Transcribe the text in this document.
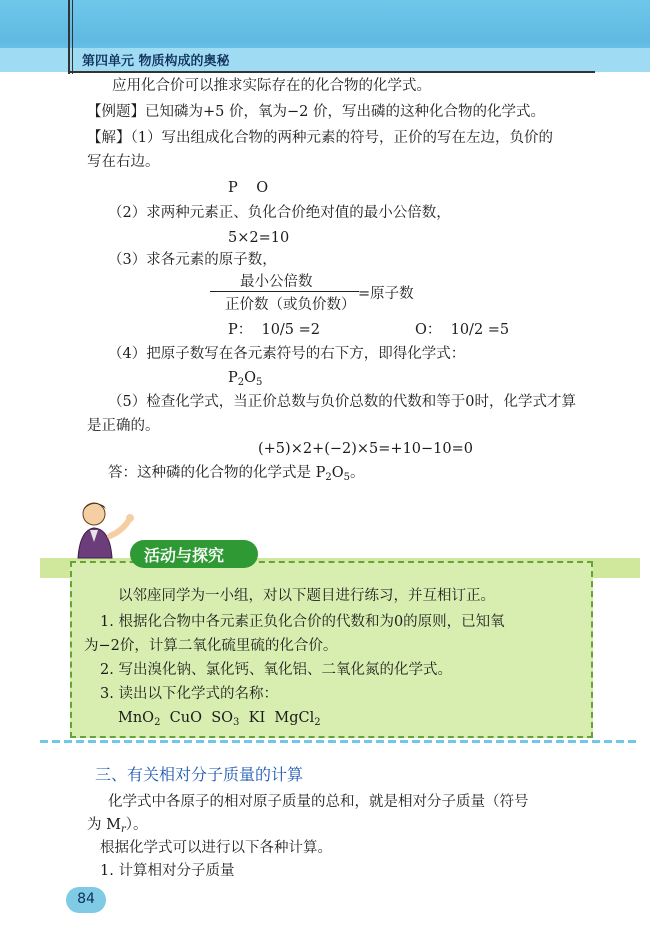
第四单元 物质构成的奥秘
应用化合价可以推求实际存在的化合物的化学式。
【例题】已知磷为+5 价，氧为−2 价，写出磷的这种化合物的化学式。
【解】（1）写出组成化合物的两种元素的符号，正价的写在左边，负价的
写在右边。
P    O
（2）求两种元素正、负化合价绝对值的最小公倍数，
5×2=10
（3）求各元素的原子数，
最小公倍数
正价数（或负价数）
=原子数
P：  10/5 =2	O：  10/2 =5
（4）把原子数写在各元素符号的右下方，即得化学式：
$P_2O_5$
（5）检查化学式，当正价总数与负价总数的代数和等于0时，化学式才算
是正确的。
(+5)×2+(−2)×5=+10−10=0
答：这种磷的化合物的化学式是 $P_2O_5$。
活动与探究
以邻座同学为一小组，对以下题目进行练习，并互相订正。
1. 根据化合物中各元素正负化合价的代数和为0的原则，已知氧
为−2价，计算二氧化硫里硫的化合价。
2. 写出溴化钠、氯化钙、氧化铝、二氧化氮的化学式。
3. 读出以下化学式的名称：
MnO$_2$ CuO $SO_3$ KI MgCl$_2$
三、有关相对分子质量的计算
化学式中各原子的相对原子质量的总和，就是相对分子质量（符号
为 $M_r$）。
根据化学式可以进行以下各种计算。
1. 计算相对分子质量
84
